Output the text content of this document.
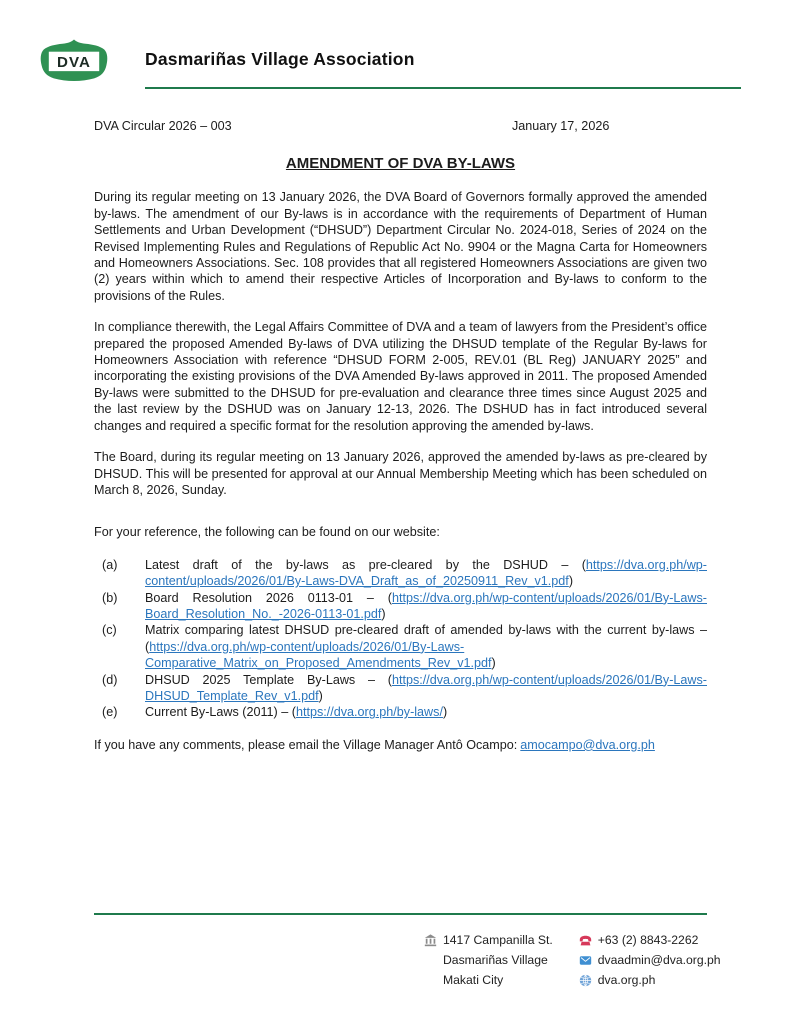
DVA	Dasmariñas Village Association
DVA Circular 2026 – 003	January 17, 2026
AMENDMENT OF DVA BY-LAWS

During its regular meeting on 13 January 2026, the DVA Board of Governors formally approved the amended by-laws. The amendment of our By-laws is in accordance with the requirements of Department of Human Settlements and Urban Development (“DHSUD”) Department Circular No. 2024-018, Series of 2024 on the Revised Implementing Rules and Regulations of Republic Act No. 9904 or the Magna Carta for Homeowners and Homeowners Associations. Sec. 108 provides that all registered Homeowners Associations are given two (2) years within which to amend their respective Articles of Incorporation and By-laws to conform to the provisions of the Rules.

In compliance therewith, the Legal Affairs Committee of DVA and a team of lawyers from the President’s office prepared the proposed Amended By-laws of DVA utilizing the DHSUD template of the Regular By-laws for Homeowners Association with reference “DHSUD FORM 2-005, REV.01 (BL Reg) JANUARY 2025” and incorporating the existing provisions of the DVA Amended By-laws approved in 2011. The proposed Amended By-laws were submitted to the DHSUD for pre-evaluation and clearance three times since August 2025 and the last review by the DSHUD was on January 12-13, 2026. The DSHUD has in fact introduced several changes and required a specific format for the resolution approving the amended by-laws.

The Board, during its regular meeting on 13 January 2026, approved the amended by-laws as pre-cleared by DHSUD. This will be presented for approval at our Annual Membership Meeting which has been scheduled on March 8, 2026, Sunday.

For your reference, the following can be found on our website:

(a) Latest draft of the by-laws as pre-cleared by the DSHUD – (https://dva.org.ph/wp-content/uploads/2026/01/By-Laws-DVA_Draft_as_of_20250911_Rev_v1.pdf)
(b) Board Resolution 2026 0113-01 – (https://dva.org.ph/wp-content/uploads/2026/01/By-Laws-Board_Resolution_No._-2026-0113-01.pdf)
(c) Matrix comparing latest DHSUD pre-cleared draft of amended by-laws with the current by-laws – (https://dva.org.ph/wp-content/uploads/2026/01/By-Laws-Comparative_Matrix_on_Proposed_Amendments_Rev_v1.pdf)
(d) DHSUD 2025 Template By-Laws – (https://dva.org.ph/wp-content/uploads/2026/01/By-Laws-DHSUD_Template_Rev_v1.pdf)
(e) Current By-Laws (2011) – (https://dva.org.ph/by-laws/)

If you have any comments, please email the Village Manager Antô Ocampo: amocampo@dva.org.ph

1417 Campanilla St.
Dasmariñas Village
Makati City
+63 (2) 8843-2262
dvaadmin@dva.org.ph
dva.org.ph
